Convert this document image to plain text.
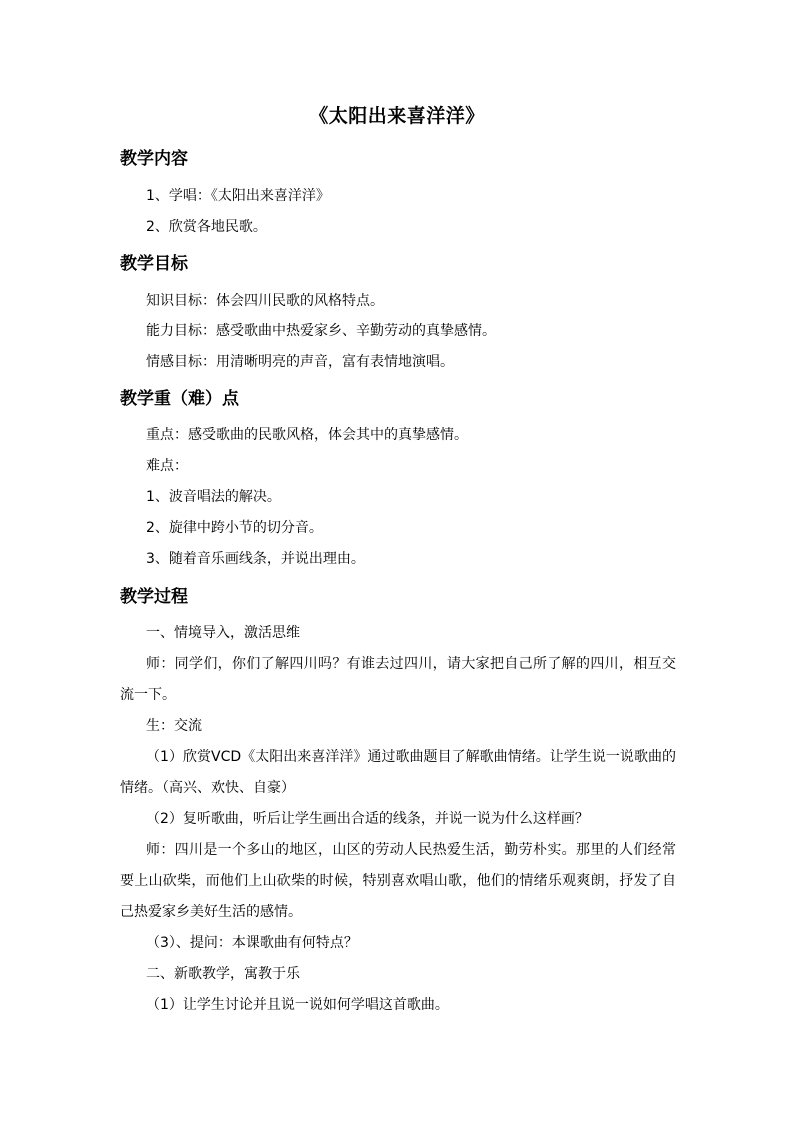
《太阳出来喜洋洋》
教学内容
1、学唱：《太阳出来喜洋洋》
2、欣赏各地民歌。
教学目标
知识目标：体会四川民歌的风格特点。
能力目标：感受歌曲中热爱家乡、辛勤劳动的真挚感情。
情感目标：用清晰明亮的声音，富有表情地演唱。
教学重（难）点
重点：感受歌曲的民歌风格，体会其中的真挚感情。
难点：
1、波音唱法的解决。
2、旋律中跨小节的切分音。
3、随着音乐画线条，并说出理由。
教学过程
一、情境导入，激活思维
师：同学们，你们了解四川吗？有谁去过四川，请大家把自己所了解的四川，相互交流一下。
生：交流
（1）欣赏VCD《太阳出来喜洋洋》通过歌曲题目了解歌曲情绪。让学生说一说歌曲的情绪。（高兴、欢快、自豪）
（2）复听歌曲，听后让学生画出合适的线条，并说一说为什么这样画？
师：四川是一个多山的地区，山区的劳动人民热爱生活，勤劳朴实。那里的人们经常要上山砍柴，而他们上山砍柴的时候，特别喜欢唱山歌，他们的情绪乐观爽朗，抒发了自己热爱家乡美好生活的感情。
（3）、提问：本课歌曲有何特点？
二、新歌教学，寓教于乐
（1）让学生讨论并且说一说如何学唱这首歌曲。
